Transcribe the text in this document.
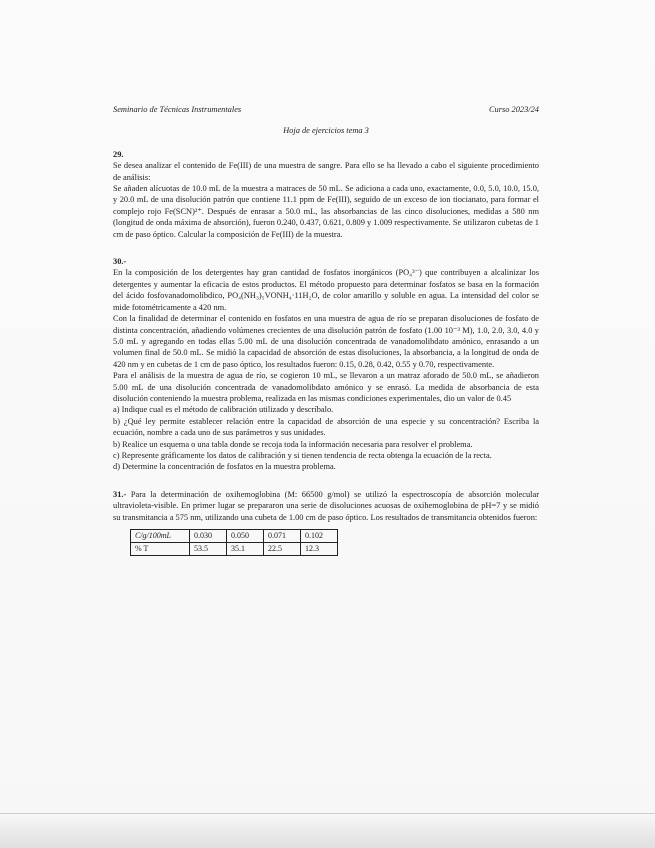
Seminario de Técnicas Instrumentales	Curso 2023/24
Hoja de ejercicios tema 3
29.

Se desea analizar el contenido de Fe(III) de una muestra de sangre. Para ello se ha llevado a cabo el siguiente procedimiento de análisis:

Se añaden alícuotas de 10.0 mL de la muestra a matraces de 50 mL. Se adiciona a cada uno, exactamente, 0.0, 5.0, 10.0, 15.0, y 20.0 mL de una disolución patrón que contiene 11.1 ppm de Fe(III), seguido de un exceso de ion tiocianato, para formar el complejo rojo Fe(SCN)²⁺. Después de enrasar a 50.0 mL, las absorbancias de las cinco disoluciones, medidas a 580 nm (longitud de onda máxima de absorción), fueron 0.240, 0.437, 0.621, 0.809 y 1.009 respectivamente. Se utilizaron cubetas de 1 cm de paso óptico. Calcular la composición de Fe(III) de la muestra.

30.-

En la composición de los detergentes hay gran cantidad de fosfatos inorgánicos (PO₄³⁻) que contribuyen a alcalinizar los detergentes y aumentar la eficacia de estos productos. El método propuesto para determinar fosfatos se basa en la formación del ácido fosfovanadomolíbdico, PO₄(NH₃)₅VONH₄·11H₂O, de color amarillo y soluble en agua. La intensidad del color se mide fotométricamente a 420 nm.

Con la finalidad de determinar el contenido en fosfatos en una muestra de agua de río se preparan disoluciones de fosfato de distinta concentración, añadiendo volúmenes crecientes de una disolución patrón de fosfato (1.00 10⁻³ M), 1.0, 2.0, 3.0, 4.0 y 5.0 mL y agregando en todas ellas 5.00 mL de una disolución concentrada de vanadomolibdato amónico, enrasando a un volumen final de 50.0 mL. Se midió la capacidad de absorción de estas disoluciones, la absorbancia, a la longitud de onda de 420 nm y en cubetas de 1 cm de paso óptico, los resultados fueron: 0.15, 0.28, 0.42, 0.55 y 0.70, respectivamente.

Para el análisis de la muestra de agua de río, se cogieron 10 mL, se llevaron a un matraz aforado de 50.0 mL, se añadieron 5.00 mL de una disolución concentrada de vanadomolibdato amónico y se enrasó. La medida de absorbancia de esta disolución conteniendo la muestra problema, realizada en las mismas condiciones experimentales, dio un valor de 0.45

a) Indique cual es el método de calibración utilizado y descríbalo.

b) ¿Qué ley permite establecer relación entre la capacidad de absorción de una especie y su concentración? Escriba la ecuación, nombre a cada uno de sus parámetros y sus unidades.

b) Realice un esquema o una tabla donde se recoja toda la información necesaria para resolver el problema.

c) Represente gráficamente los datos de calibración y si tienen tendencia de recta obtenga la ecuación de la recta.

d) Determine la concentración de fosfatos en la muestra problema.

31.- Para la determinación de oxihemoglobina (M: 66500 g/mol) se utilizó la espectroscopía de absorción molecular ultravioleta-visible. En primer lugar se prepararon una serie de disoluciones acuosas de oxihemoglobina de pH=7 y se midió su transmitancia a 575 nm, utilizando una cubeta de 1.00 cm de paso óptico. Los resultados de transmitancia obtenidos fueron:

C/g/100mL	0.030	0.050	0.071	0.102
% T	53.5	35.1	22.5	12.3
